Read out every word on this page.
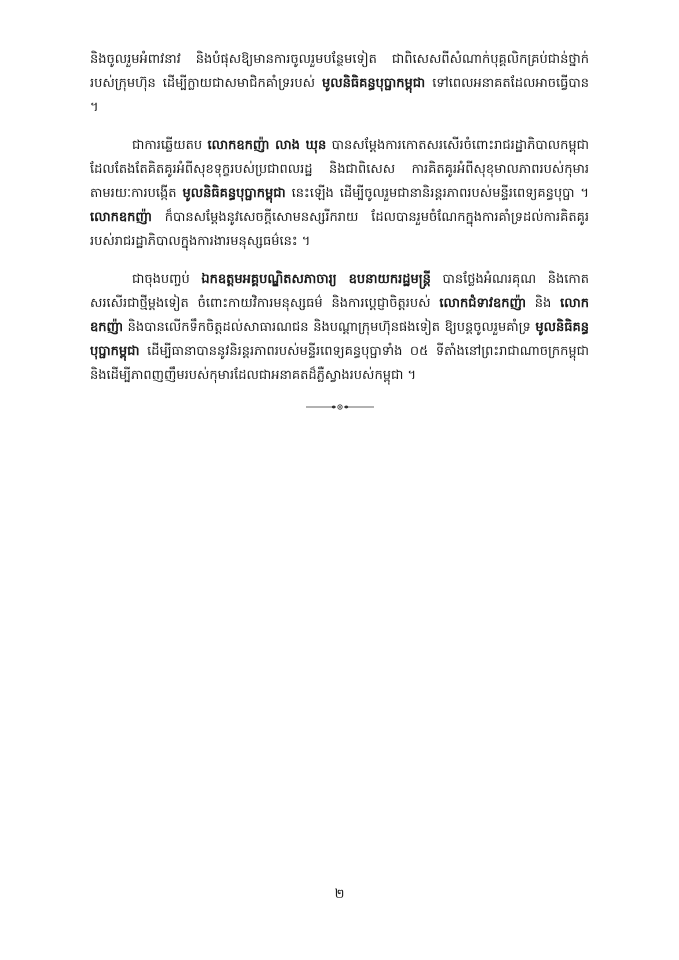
និងចូលរួមអំពាវនាវ និងបំផុសឱ្យមានការចូលរួមបន្ថែមទៀត ជាពិសេសពីសំណាក់បុគ្គលិកគ្រប់ជាន់ថ្នាក់របស់ក្រុមហ៊ុន ដើម្បីក្លាយជាសមាជិកគាំទ្ររបស់ មូលនិធិគន្ធបុប្ផាកម្ពុជា ទៅពេលអនាគតដែលអាចធ្វើបាន ។

ជាការឆ្លើយតប លោកឧកញ៉ា លាង ឃុន បានសម្តែងការកោតសរសើរចំពោះរាជរដ្ឋាភិបាលកម្ពុជា ដែលតែងតែគិតគូរអំពីសុខទុក្ខរបស់ប្រជាពលរដ្ឋ និងជាពិសេស ការគិតគូរអំពីសុខុមាលភាពរបស់កុមារ តាមរយៈការបង្កើត មូលនិធិគន្ធបុប្ផាកម្ពុជា នេះឡើង ដើម្បីចូលរួមជានានិរន្តរភាពរបស់មន្ទីរពេទ្យគន្ធបុប្ផា ។ លោកឧកញ៉ា ក៏បានសម្តែងនូវសេចក្តីសោមនស្សរីករាយ ដែលបានរួមចំណែកក្នុងការគាំទ្រដល់ការគិតគូររបស់រាជរដ្ឋាភិបាលក្នុងការងារមនុស្សធម៌នេះ ។

ជាចុងបញ្ចប់ ឯកឧត្តមអគ្គបណ្ឌិតសភាចារ្យ ឧបនាយករដ្ឋមន្ត្រី បានថ្លែងអំណរគុណ និងកោតសរសើរជាថ្មីម្តងទៀត ចំពោះកាយវិការមនុស្សធម៌ និងការប្តេជ្ញាចិត្តរបស់ លោកជំទាវឧកញ៉ា និង លោកឧកញ៉ា និងបានលើកទឹកចិត្តដល់សាធារណជន និងបណ្តាក្រុមហ៊ុនផងទៀត ឱ្យបន្តចូលរួមគាំទ្រ មូលនិធិគន្ធបុប្ផាកម្ពុជា ដើម្បីធានាបាននូវនិរន្តរភាពរបស់មន្ទីរពេទ្យគន្ធបុប្ផាទាំង ០៥ ទីតាំងនៅព្រះរាជាណាចក្រកម្ពុជា និងដើម្បីភាពញញឹមរបស់កុមារដែលជាអនាគតដ៏ភ្លឺស្វាងរបស់កម្ពុជា ។

២
